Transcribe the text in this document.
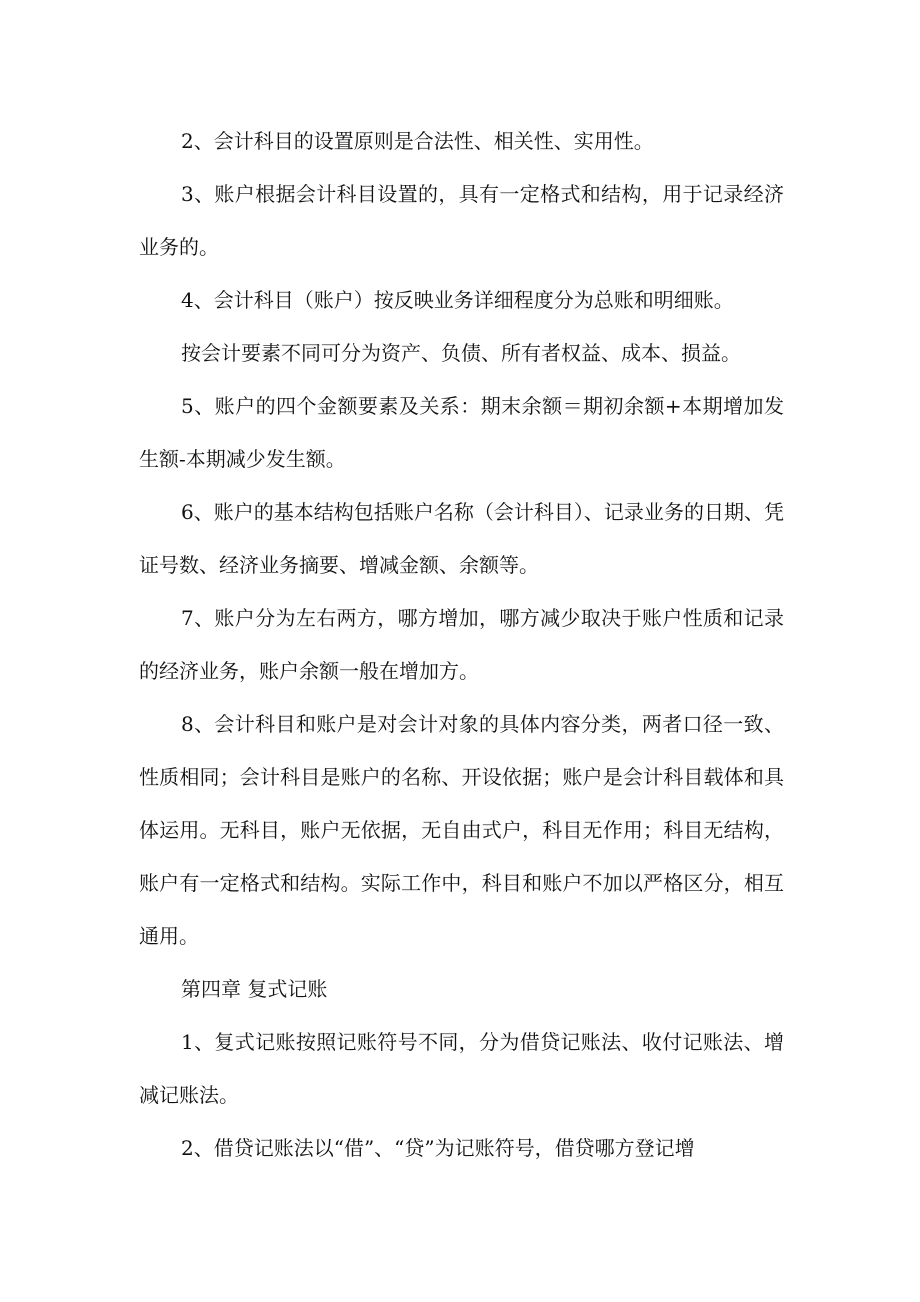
2、会计科目的设置原则是合法性、相关性、实用性。

3、账户根据会计科目设置的，具有一定格式和结构，用于记录经济业务的。

4、会计科目（账户）按反映业务详细程度分为总账和明细账。

按会计要素不同可分为资产、负债、所有者权益、成本、损益。

5、账户的四个金额要素及关系：期末余额＝期初余额+本期增加发生额-本期减少发生额。

6、账户的基本结构包括账户名称（会计科目）、记录业务的日期、凭证号数、经济业务摘要、增减金额、余额等。

7、账户分为左右两方，哪方增加，哪方减少取决于账户性质和记录的经济业务，账户余额一般在增加方。

8、会计科目和账户是对会计对象的具体内容分类，两者口径一致、性质相同；会计科目是账户的名称、开设依据；账户是会计科目载体和具体运用。无科目，账户无依据，无自由式户，科目无作用；科目无结构，账户有一定格式和结构。实际工作中，科目和账户不加以严格区分，相互通用。

第四章 复式记账

1、复式记账按照记账符号不同，分为借贷记账法、收付记账法、增减记账法。

2、借贷记账法以“借”、“贷”为记账符号，借贷哪方登记增
